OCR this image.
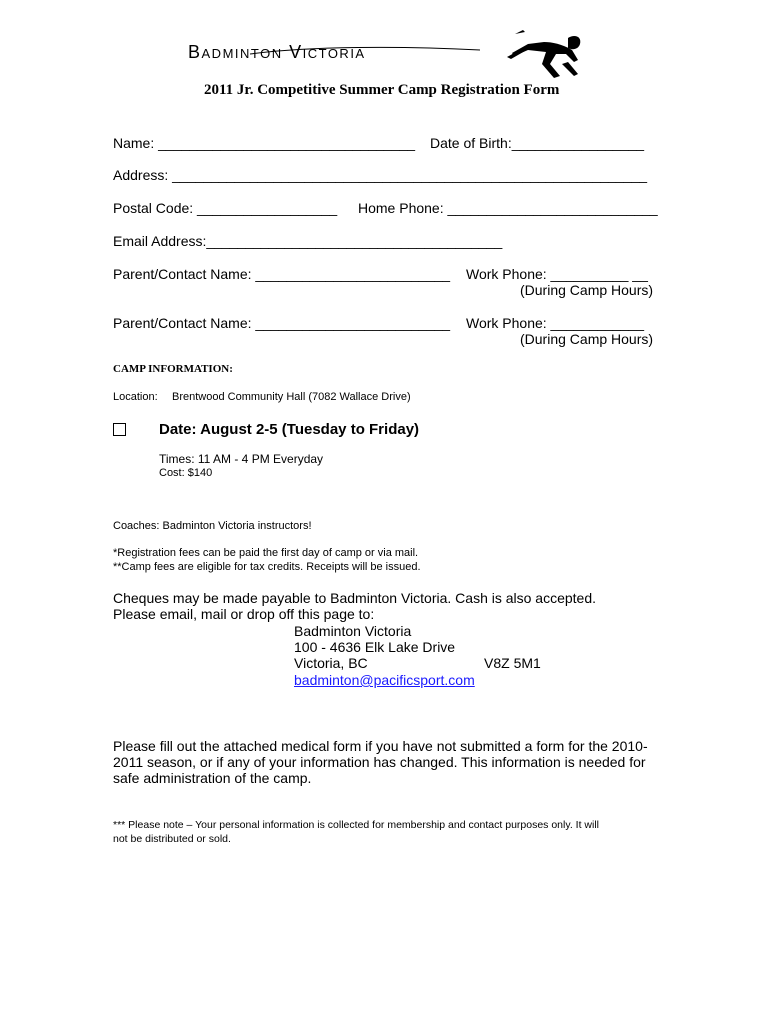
Badminton Victoria
2011 Jr. Competitive Summer Camp Registration Form
Name: _________________________________ Date of Birth:_________________
Address: _____________________________________________________________
Postal Code: __________________ Home Phone: ___________________________
Email Address:______________________________________
Parent/Contact Name: _________________________ Work Phone: __________ __
(During Camp Hours)
Parent/Contact Name: _________________________ Work Phone: ____________
(During Camp Hours)
CAMP INFORMATION:
Location: Brentwood Community Hall (7082 Wallace Drive)
Date: August 2-5 (Tuesday to Friday)
Times: 11 AM - 4 PM Everyday
Cost: $140
Coaches: Badminton Victoria instructors!
*Registration fees can be paid the first day of camp or via mail.
**Camp fees are eligible for tax credits. Receipts will be issued.
Cheques may be made payable to Badminton Victoria. Cash is also accepted.
Please email, mail or drop off this page to:
Badminton Victoria
100 - 4636 Elk Lake Drive
Victoria, BC	V8Z 5M1
badminton@pacificsport.com
Please fill out the attached medical form if you have not submitted a form for the 2010-
2011 season, or if any of your information has changed. This information is needed for
safe administration of the camp.
*** Please note – Your personal information is collected for membership and contact purposes only. It will
not be distributed or sold.
